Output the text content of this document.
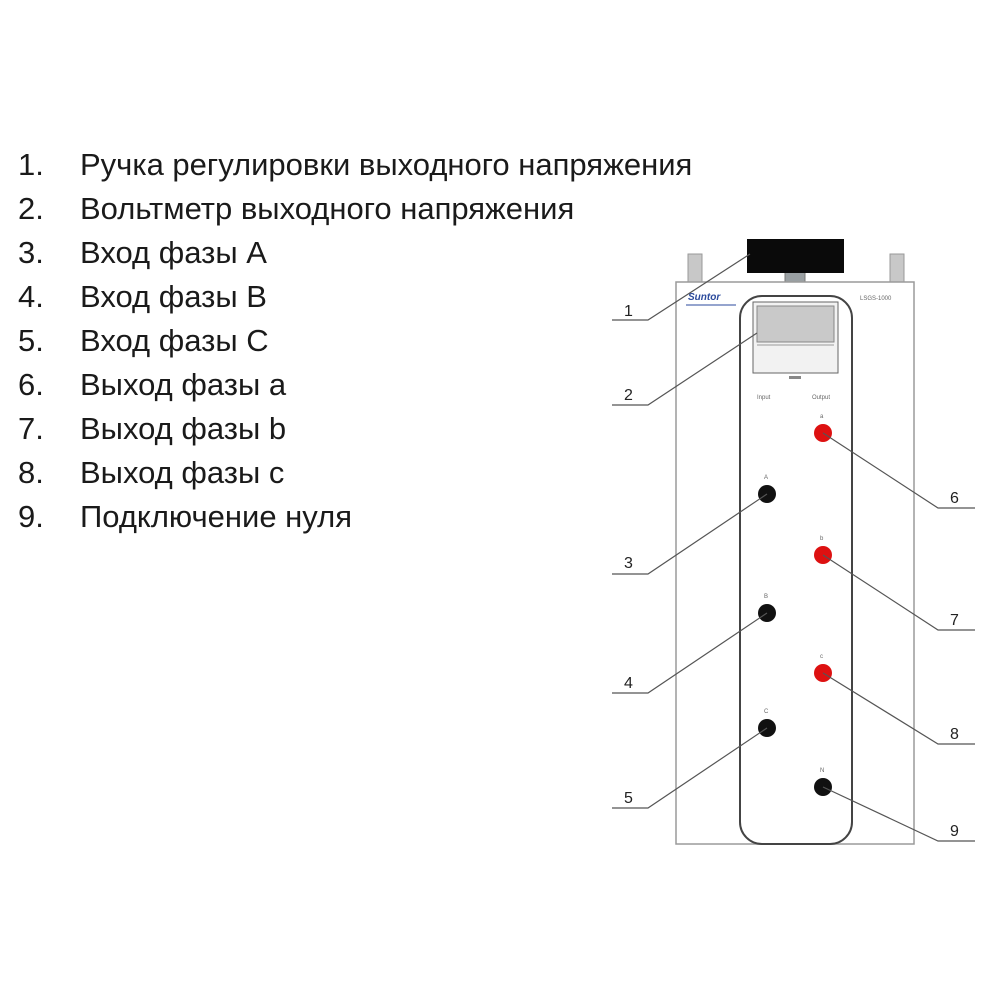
1.	Ручка регулировки выходного напряжения
2.	Вольтметр выходного напряжения
3.	Вход фазы А
4.	Вход фазы В
5.	Вход фазы С
6.	Выход фазы а
7.	Выход фазы b
8.	Выход фазы с
9.	Подключение нуля
Suntor	LSGS-1000
Input	Output
a
A
b
B
c
C
N
1
2
3
4
5
6
7
8
9
